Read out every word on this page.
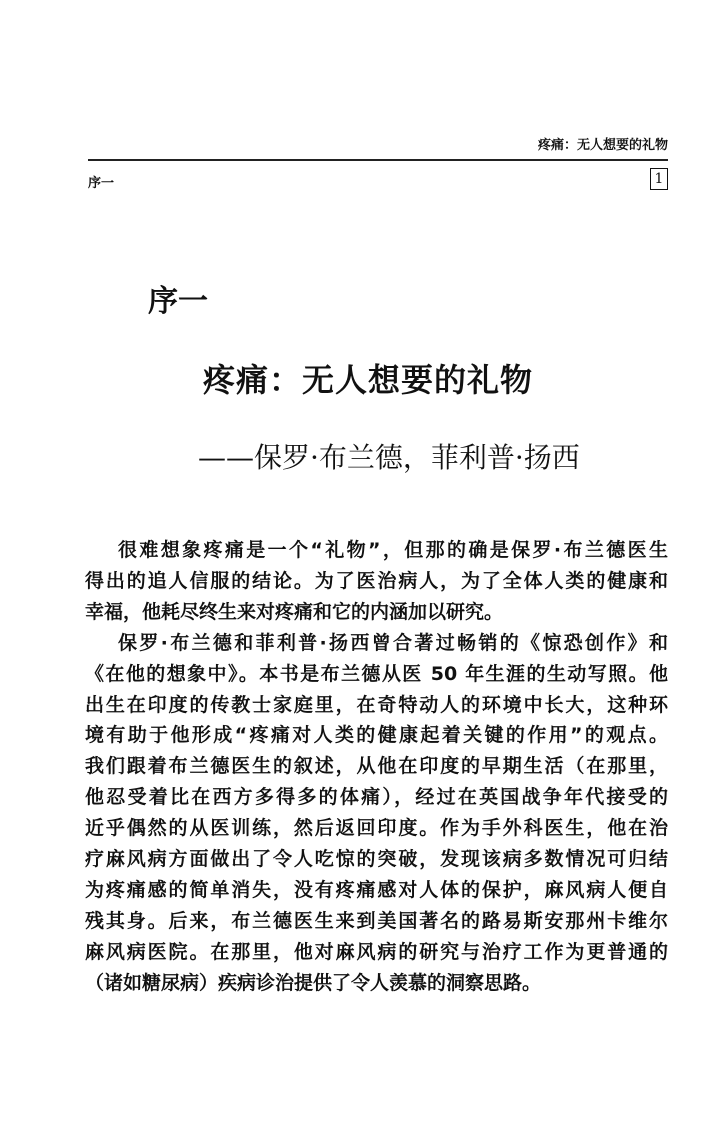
疼痛：无人想要的礼物
序一	1
序一
疼痛：无人想要的礼物
——保罗·布兰德，菲利普·扬西
很难想象疼痛是一个“礼物”，但那的确是保罗·布兰德医生
得出的追人信服的结论。为了医治病人，为了全体人类的健康和
幸福，他耗尽终生来对疼痛和它的内涵加以研究。
保罗·布兰德和菲利普·扬西曾合著过畅销的《惊恐创作》和
《在他的想象中》。本书是布兰德从医 50 年生涯的生动写照。他
出生在印度的传教士家庭里，在奇特动人的环境中长大，这种环
境有助于他形成“疼痛对人类的健康起着关键的作用”的观点。
我们跟着布兰德医生的叙述，从他在印度的早期生活（在那里，
他忍受着比在西方多得多的体痛），经过在英国战争年代接受的
近乎偶然的从医训练，然后返回印度。作为手外科医生，他在治
疗麻风病方面做出了令人吃惊的突破，发现该病多数情况可归结
为疼痛感的简单消失，没有疼痛感对人体的保护，麻风病人便自
残其身。后来，布兰德医生来到美国著名的路易斯安那州卡维尔
麻风病医院。在那里，他对麻风病的研究与治疗工作为更普通的
（诸如糖尿病）疾病诊治提供了令人羡慕的洞察思路。
